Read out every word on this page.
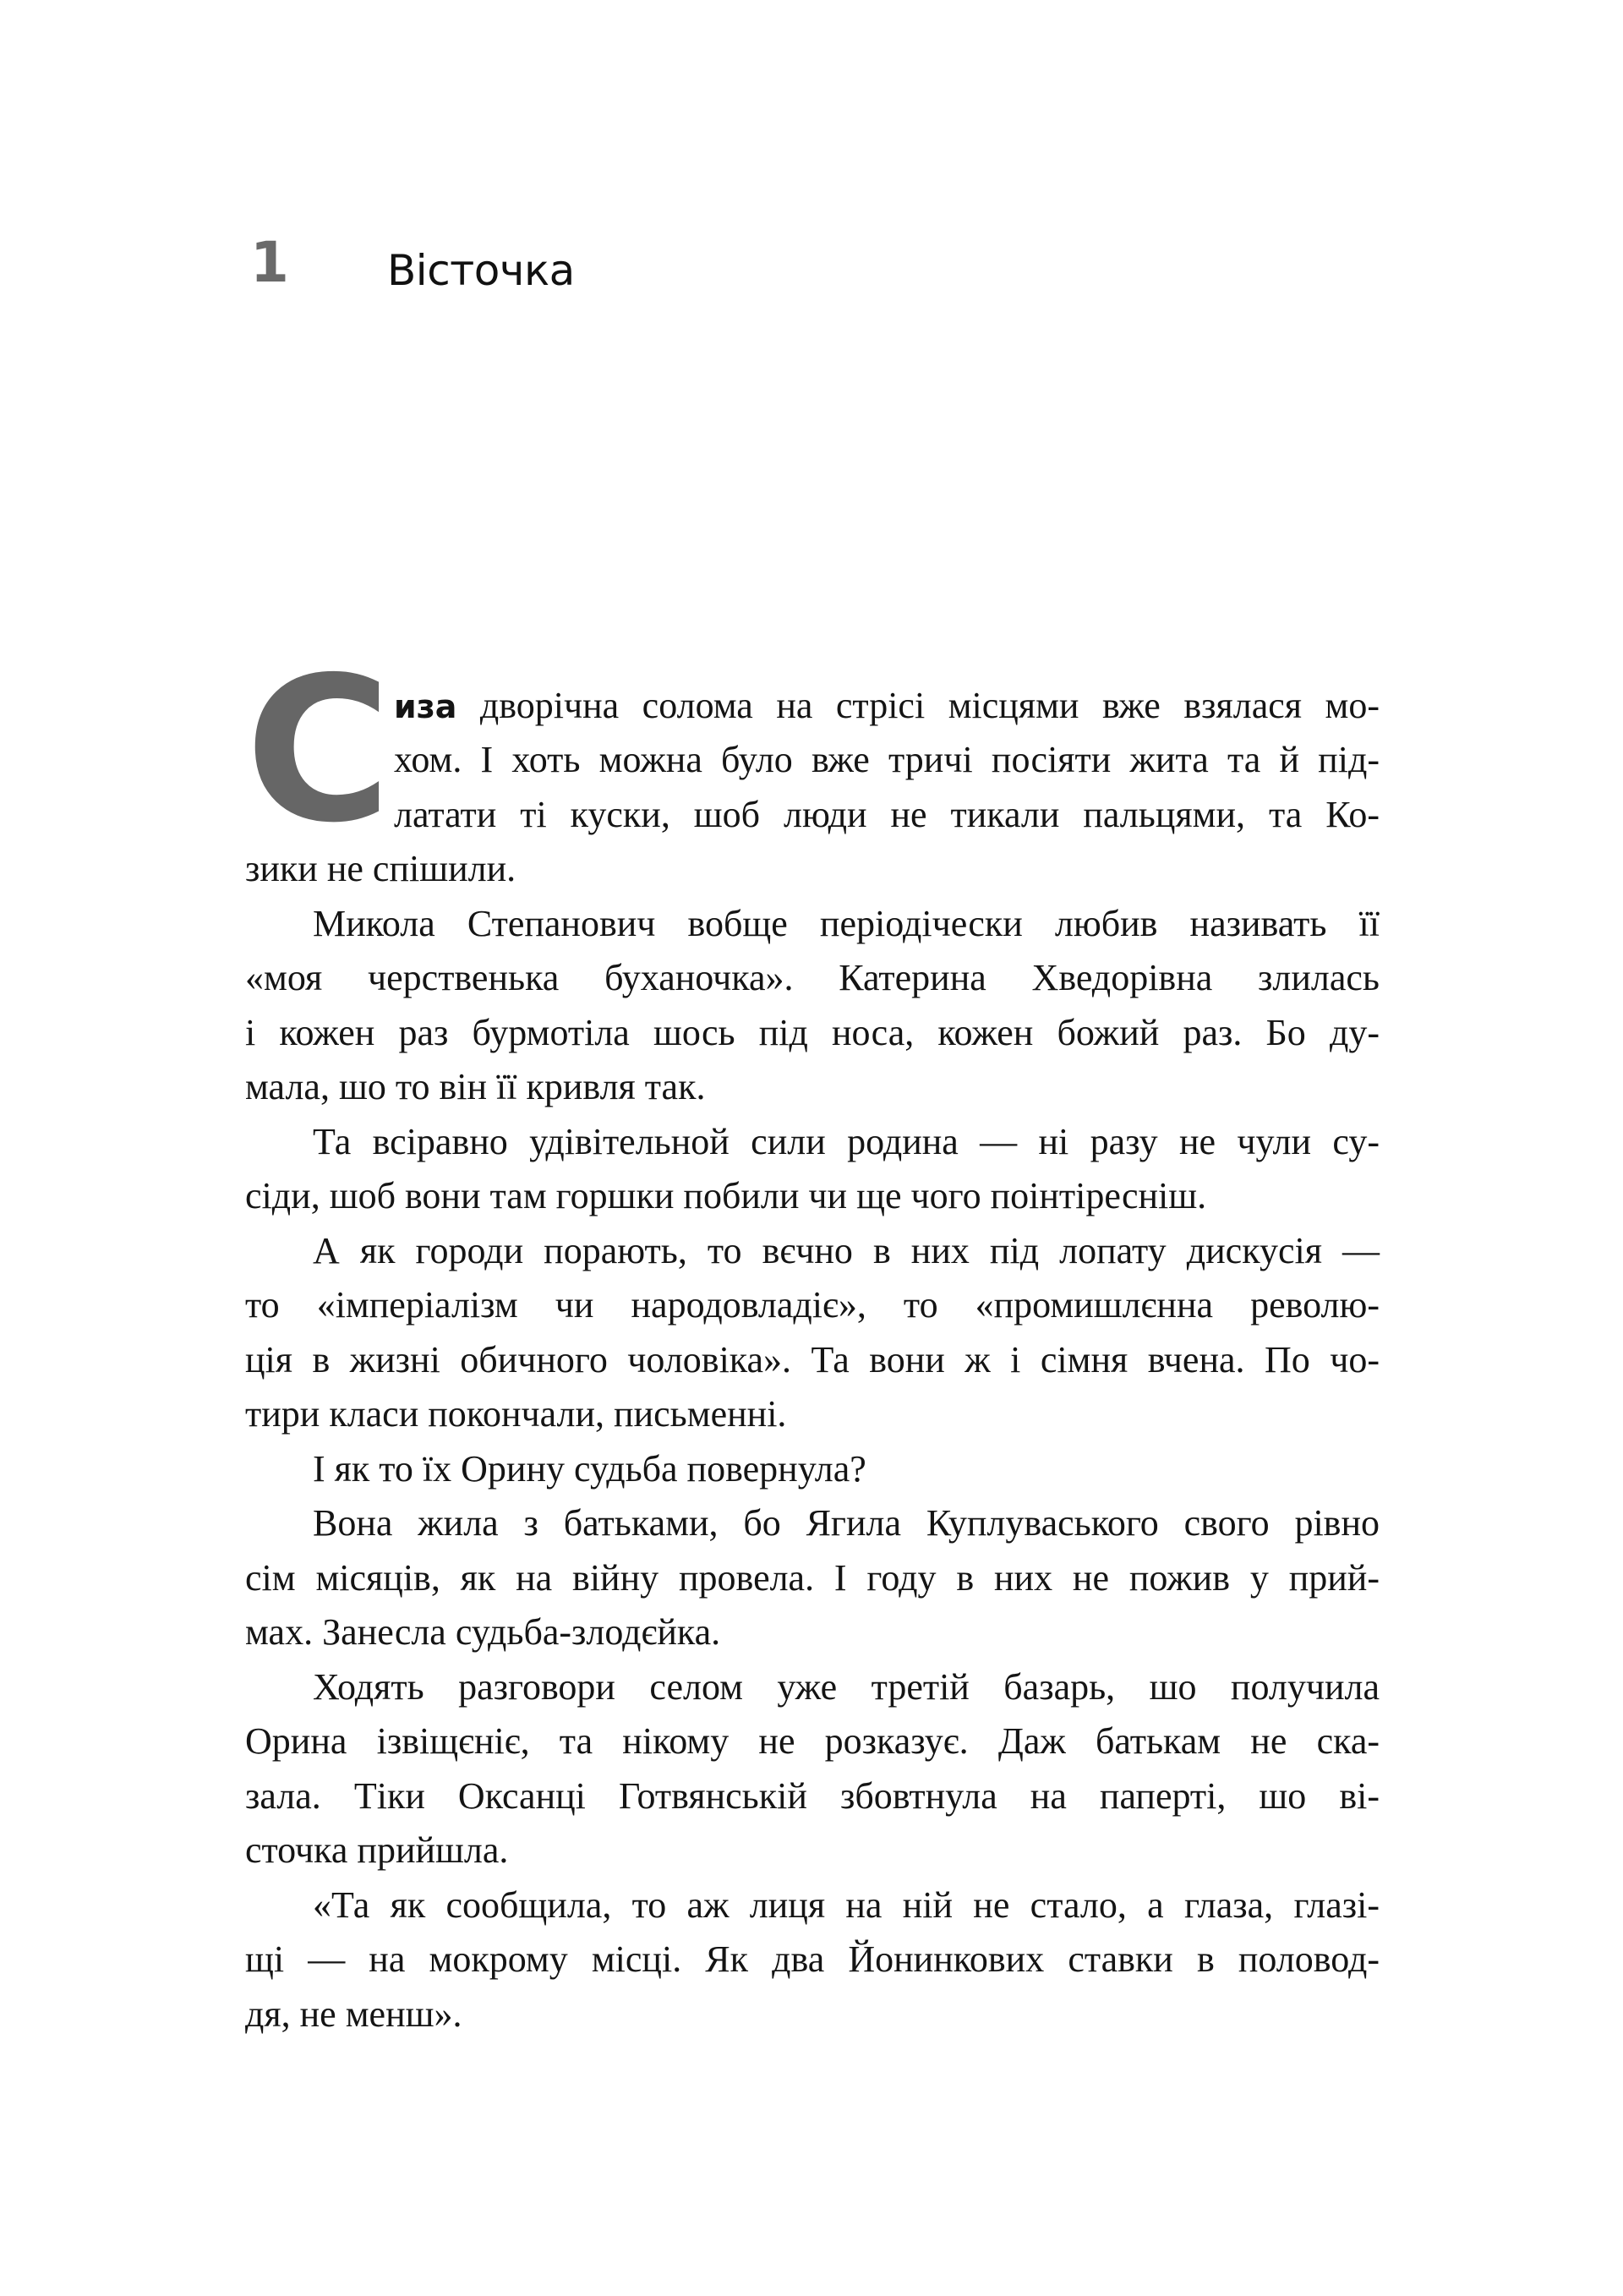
1 Вісточка
С иза дворічна солома на стрісі місцями вже взялася мо-
хом. І хоть можна було вже тричі посіяти жита та й під-
латати ті куски, шоб люди не тикали пальцями, та Ко-
зики не спішили.
Микола Степанович вобще періодічески любив називать її
«моя черственька буханочка». Катерина Хведорівна злилась
і кожен раз бурмотіла шось під носа, кожен божий раз. Бо ду-
мала, шо то він її кривля так.
Та всіравно удівітельной сили родина — ні разу не чули су-
сіди, шоб вони там горшки побили чи ще чого поінтіресніш.
А як городи порають, то вєчно в них під лопату дискусія —
то «імперіалізм чи народовладіє», то «промишлєнна револю-
ція в жизні обичного чоловіка». Та вони ж і сімня вчена. По чо-
тири класи покончали, письменні.
І як то їх Орину судьба повернула?
Вона жила з батьками, бо Ягила Куплуваського свого рівно
сім місяців, як на війну провела. І году в них не пожив у прий-
мах. Занесла судьба-злодєйка.
Ходять разговори селом уже третій базарь, шо получила
Орина ізвіщєніє, та нікому не розказує. Даж батькам не ска-
зала. Тіки Оксанці Готвянській збовтнула на паперті, шо ві-
сточка прийшла.
«Та як сообщила, то аж лиця на ній не стало, а глаза, глазі-
щі — на мокрому місці. Як два Йонинкових ставки в половод-
дя, не менш».
